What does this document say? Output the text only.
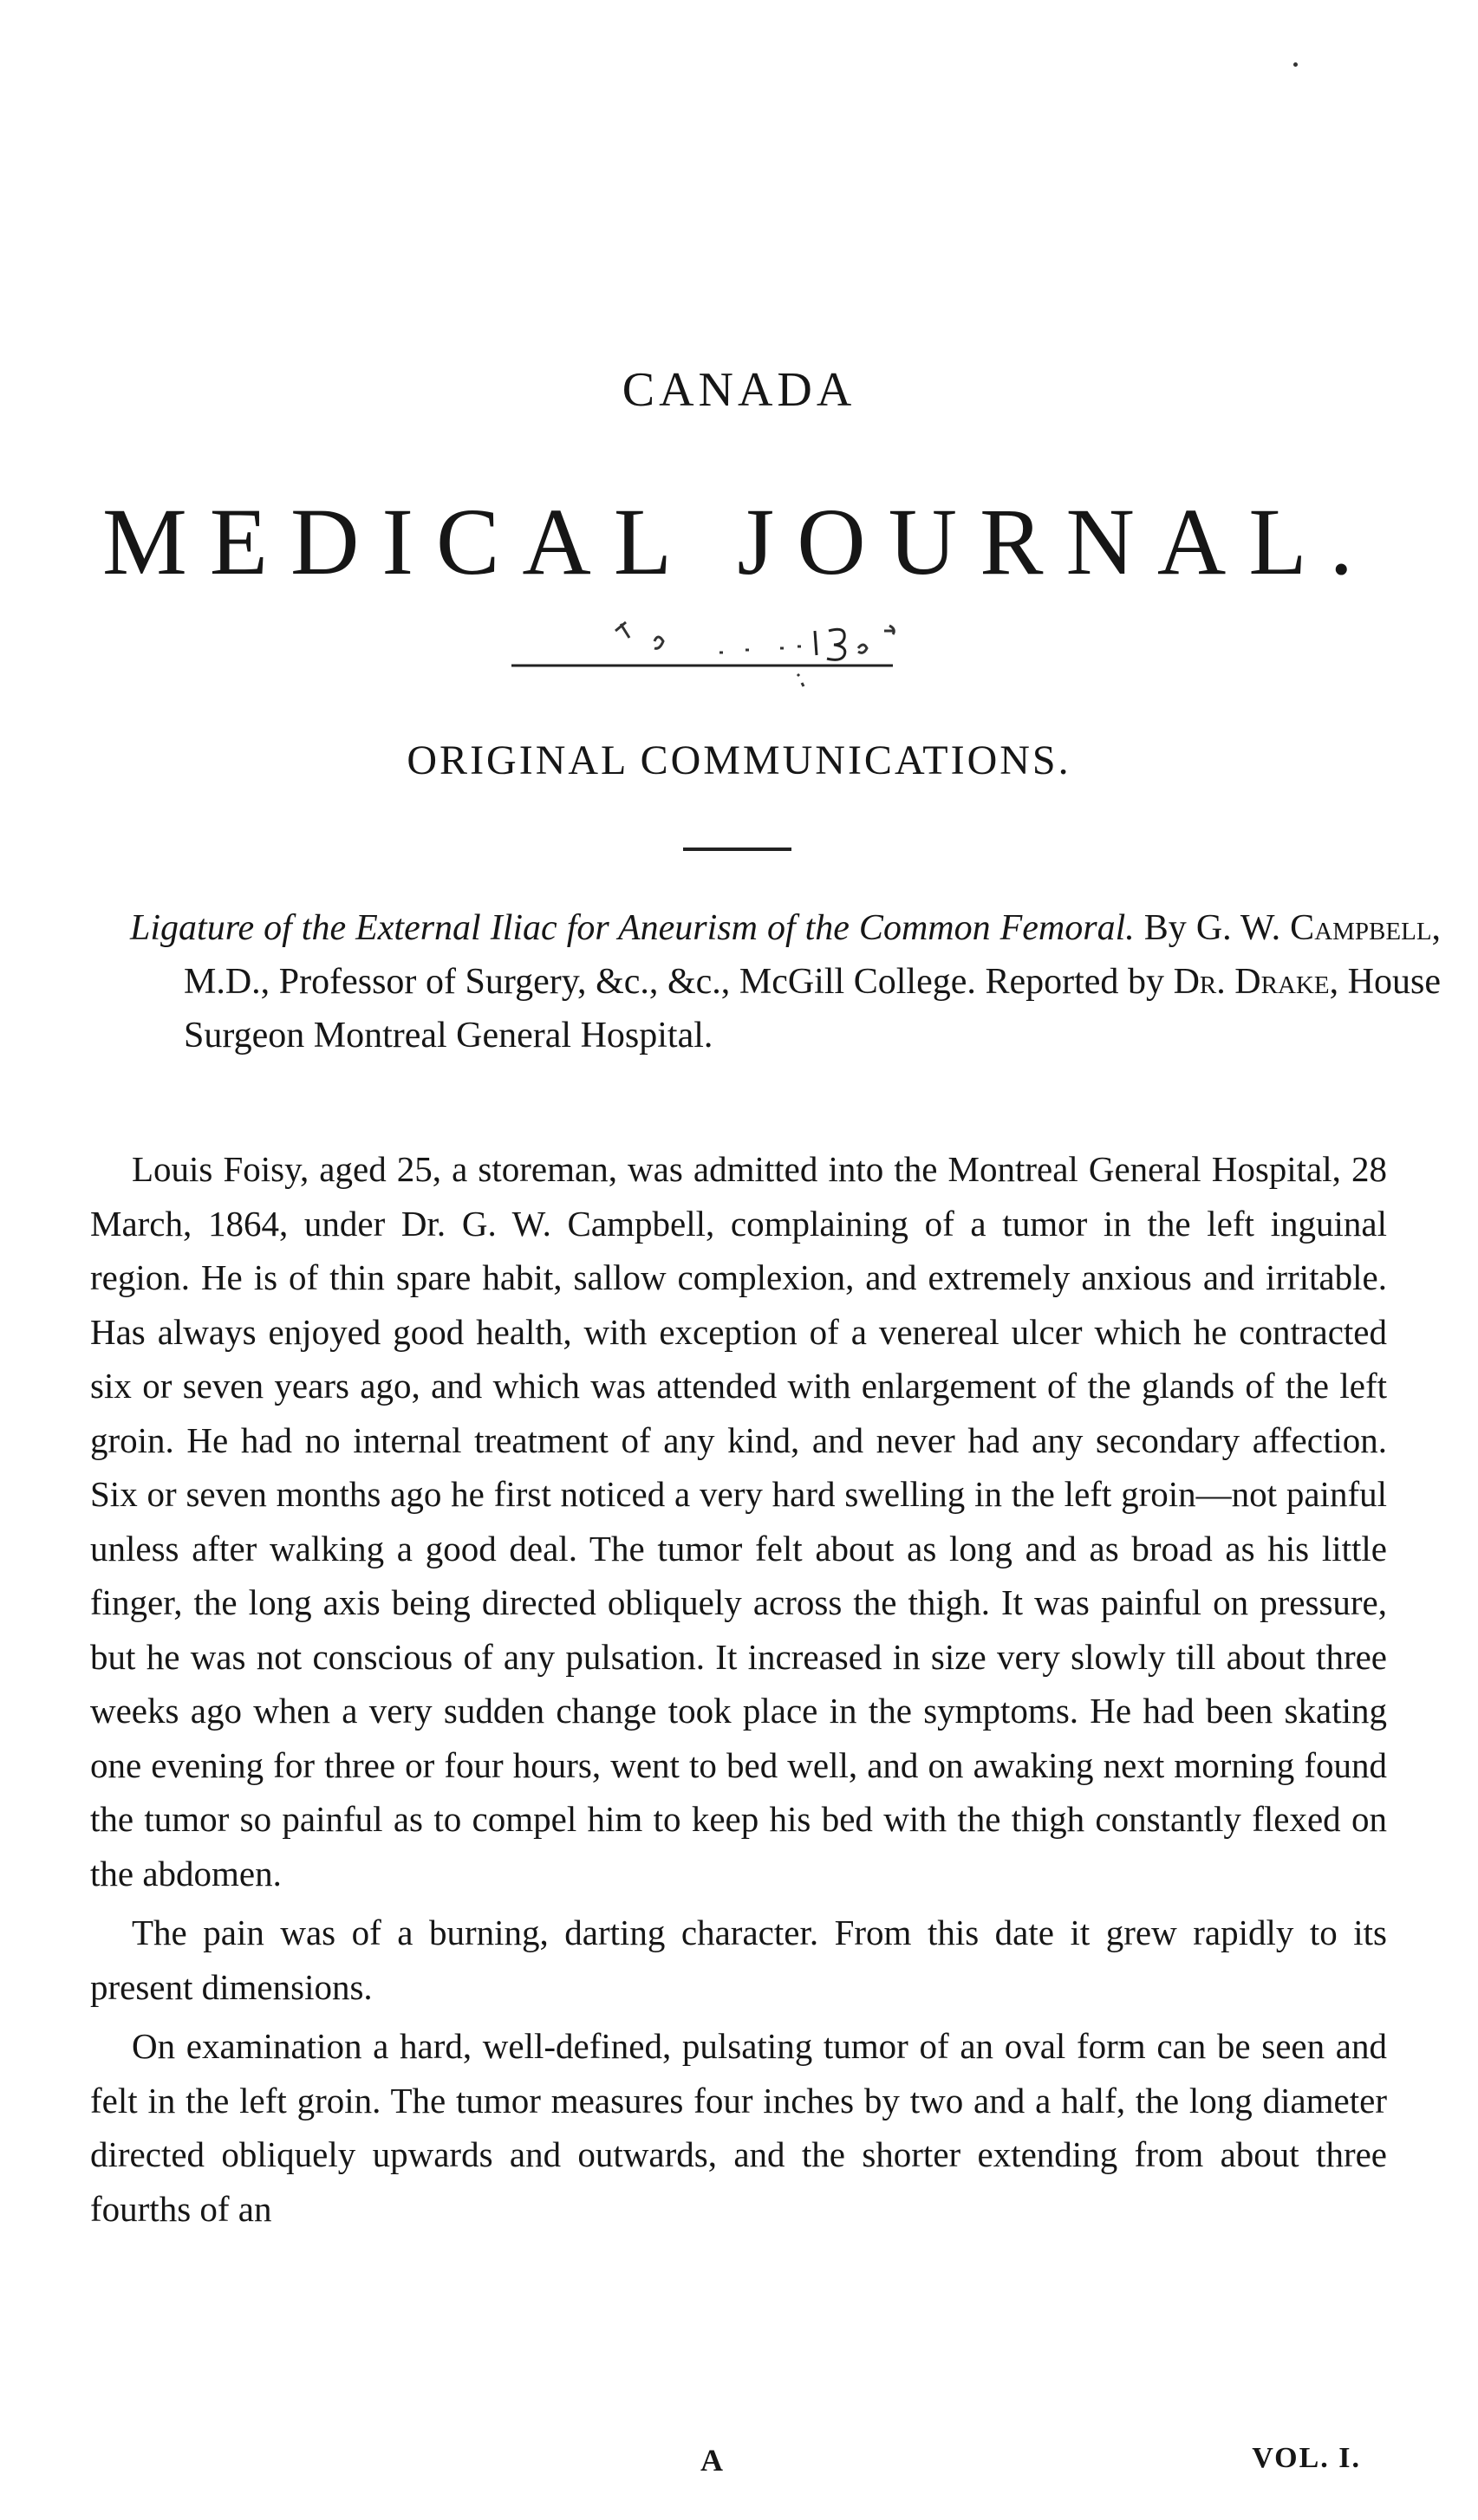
CANADA
MEDICAL JOURNAL.
ORIGINAL COMMUNICATIONS.

Ligature of the External Iliac for Aneurism of the Common Femoral. By G. W. Campbell, M.D., Professor of Surgery, &c., &c., McGill College. Reported by Dr. Drake, House Surgeon Montreal General Hospital.

Louis Foisy, aged 25, a storeman, was admitted into the Montreal General Hospital, 28 March, 1864, under Dr. G. W. Campbell, complaining of a tumor in the left inguinal region. He is of thin spare habit, sallow complexion, and extremely anxious and irritable. Has always enjoyed good health, with exception of a venereal ulcer which he contracted six or seven years ago, and which was attended with enlargement of the glands of the left groin. He had no internal treatment of any kind, and never had any secondary affection. Six or seven months ago he first noticed a very hard swelling in the left groin—not painful unless after walking a good deal. The tumor felt about as long and as broad as his little finger, the long axis being directed obliquely across the thigh. It was painful on pressure, but he was not conscious of any pulsation. It increased in size very slowly till about three weeks ago when a very sudden change took place in the symptoms. He had been skating one evening for three or four hours, went to bed well, and on awaking next morning found the tumor so painful as to compel him to keep his bed with the thigh constantly flexed on the abdomen.

The pain was of a burning, darting character. From this date it grew rapidly to its present dimensions.

On examination a hard, well-defined, pulsating tumor of an oval form can be seen and felt in the left groin. The tumor measures four inches by two and a half, the long diameter directed obliquely upwards and outwards, and the shorter extending from about three fourths of an

A	VOL. I.
